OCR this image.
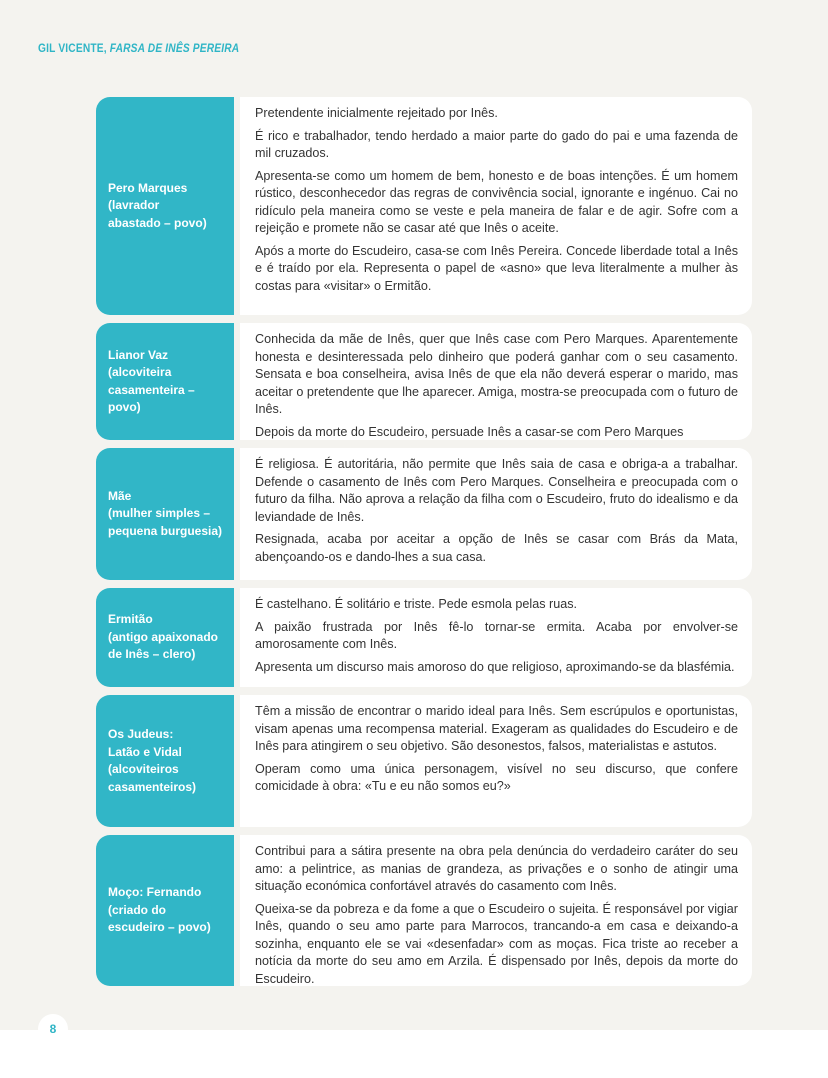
GIL VICENTE, FARSA DE INÊS PEREIRA
Pero Marques
(lavrador
abastado – povo)

Pretendente inicialmente rejeitado por Inês.

É rico e trabalhador, tendo herdado a maior parte do gado do pai e uma fazenda de mil cruzados.

Apresenta-se como um homem de bem, honesto e de boas intenções. É um homem rústico, desconhecedor das regras de convivência social, ignorante e ingénuo. Cai no ridículo pela maneira como se veste e pela maneira de falar e de agir. Sofre com a rejeição e promete não se casar até que Inês o aceite.

Após a morte do Escudeiro, casa-se com Inês Pereira. Concede liberdade total a Inês e é traído por ela. Representa o papel de «asno» que leva literalmente a mulher às costas para «visitar» o Ermitão.

Lianor Vaz
(alcoviteira
casamenteira –
povo)

Conhecida da mãe de Inês, quer que Inês case com Pero Marques. Aparentemente honesta e desinteressada pelo dinheiro que poderá ganhar com o seu casamento. Sensata e boa conselheira, avisa Inês de que ela não deverá esperar o marido, mas aceitar o pretendente que lhe aparecer. Amiga, mostra-se preocupada com o futuro de Inês.

Depois da morte do Escudeiro, persuade Inês a casar-se com Pero Marques

Mãe
(mulher simples –
pequena burguesia)

É religiosa. É autoritária, não permite que Inês saia de casa e obriga-a a trabalhar. Defende o casamento de Inês com Pero Marques. Conselheira e preocupada com o futuro da filha. Não aprova a relação da filha com o Escudeiro, fruto do idealismo e da leviandade de Inês.

Resignada, acaba por aceitar a opção de Inês se casar com Brás da Mata, abençoando-os e dando-lhes a sua casa.

Ermitão
(antigo apaixonado
de Inês – clero)

É castelhano. É solitário e triste. Pede esmola pelas ruas.

A paixão frustrada por Inês fê-lo tornar-se ermita. Acaba por envolver-se amorosamente com Inês.

Apresenta um discurso mais amoroso do que religioso, aproximando-se da blasfémia.

Os Judeus:
Latão e Vidal
(alcoviteiros
casamenteiros)

Têm a missão de encontrar o marido ideal para Inês. Sem escrúpulos e oportunistas, visam apenas uma recompensa material. Exageram as qualidades do Escudeiro e de Inês para atingirem o seu objetivo. São desonestos, falsos, materialistas e astutos.

Operam como uma única personagem, visível no seu discurso, que confere comicidade à obra: «Tu e eu não somos eu?»

Moço: Fernando
(criado do
escudeiro – povo)

Contribui para a sátira presente na obra pela denúncia do verdadeiro caráter do seu amo: a pelintrice, as manias de grandeza, as privações e o sonho de atingir uma situação económica confortável através do casamento com Inês.

Queixa-se da pobreza e da fome a que o Escudeiro o sujeita. É responsável por vigiar Inês, quando o seu amo parte para Marrocos, trancando-a em casa e deixando-a sozinha, enquanto ele se vai «desenfadar» com as moças. Fica triste ao receber a notícia da morte do seu amo em Arzila. É dispensado por Inês, depois da morte do Escudeiro.

8
